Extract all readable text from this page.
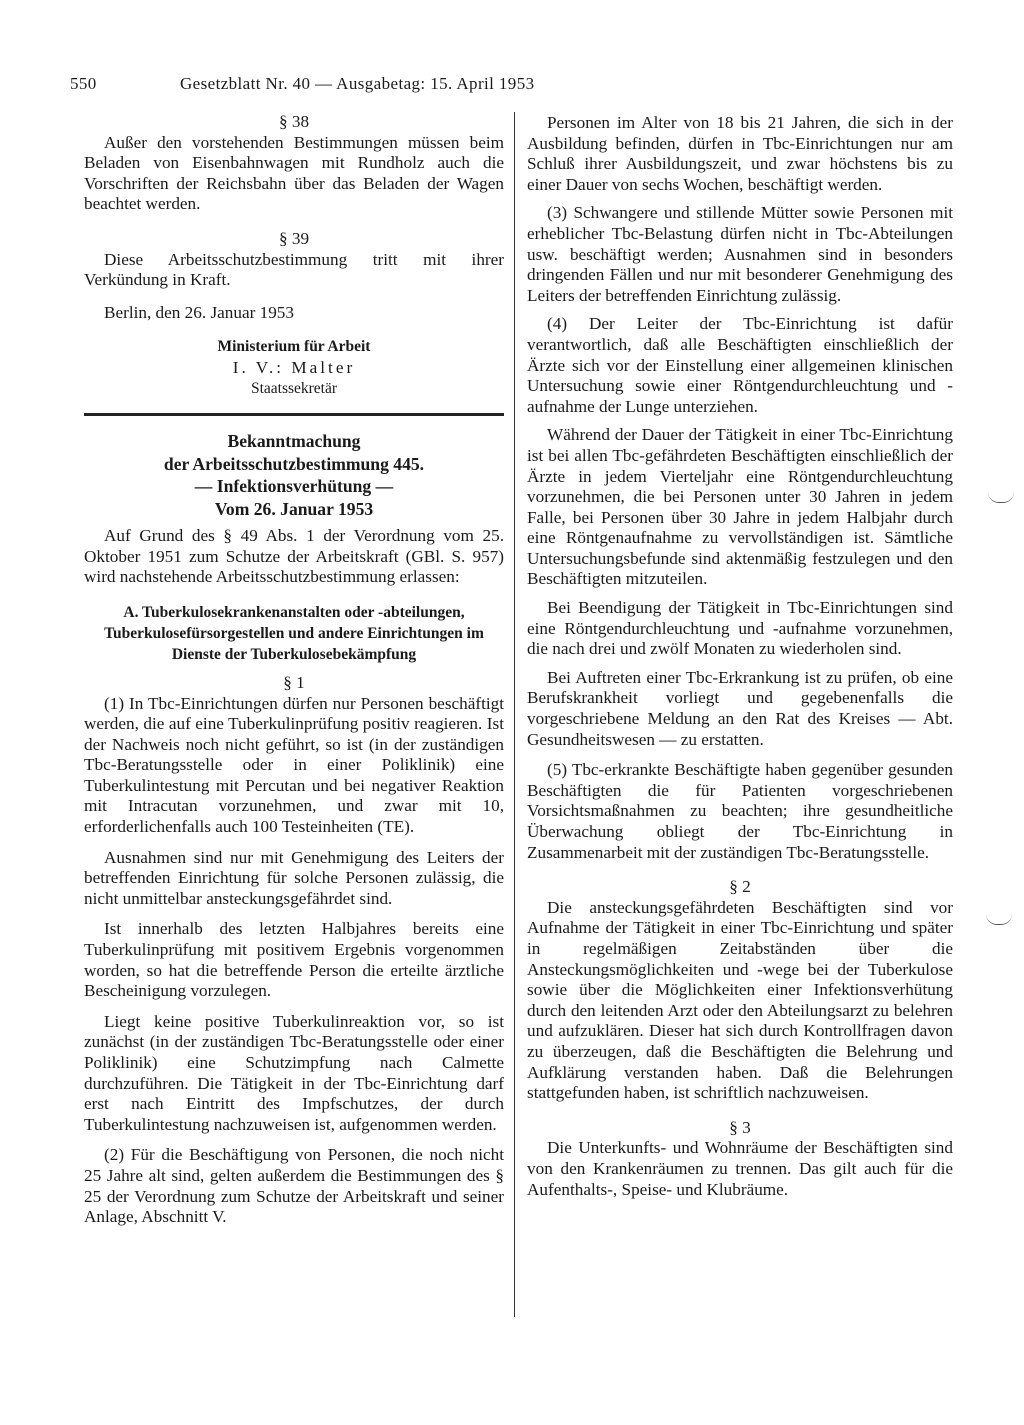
550	Gesetzblatt Nr. 40 — Ausgabetag: 15. April 1953

§ 38

Außer den vorstehenden Bestimmungen müssen beim Beladen von Eisenbahnwagen mit Rundholz auch die Vorschriften der Reichsbahn über das Beladen der Wagen beachtet werden.

§ 39

Diese Arbeitsschutzbestimmung tritt mit ihrer Verkündung in Kraft.

Berlin, den 26. Januar 1953

Ministerium für Arbeit

I. V.: Malter

Staatssekretär

Bekanntmachung

der Arbeitsschutzbestimmung 445.

— Infektionsverhütung —

Vom 26. Januar 1953

Auf Grund des § 49 Abs. 1 der Verordnung vom 25. Oktober 1951 zum Schutze der Arbeitskraft (GBl. S. 957) wird nachstehende Arbeitsschutzbestimmung erlassen:

A. Tuberkulosekrankenanstalten oder -abteilungen, Tuberkulosefürsorgestellen und andere Einrichtungen im Dienste der Tuberkulosebekämpfung

§ 1

(1) In Tbc-Einrichtungen dürfen nur Personen beschäftigt werden, die auf eine Tuberkulinprüfung positiv reagieren. Ist der Nachweis noch nicht geführt, so ist (in der zuständigen Tbc-Beratungsstelle oder in einer Poliklinik) eine Tuberkulintestung mit Percutan und bei negativer Reaktion mit Intracutan vorzunehmen, und zwar mit 10, erforderlichenfalls auch 100 Testeinheiten (TE).

Ausnahmen sind nur mit Genehmigung des Leiters der betreffenden Einrichtung für solche Personen zulässig, die nicht unmittelbar ansteckungsgefährdet sind.

Ist innerhalb des letzten Halbjahres bereits eine Tuberkulinprüfung mit positivem Ergebnis vorgenommen worden, so hat die betreffende Person die erteilte ärztliche Bescheinigung vorzulegen.

Liegt keine positive Tuberkulinreaktion vor, so ist zunächst (in der zuständigen Tbc-Beratungsstelle oder einer Poliklinik) eine Schutzimpfung nach Calmette durchzuführen. Die Tätigkeit in der Tbc-Einrichtung darf erst nach Eintritt des Impfschutzes, der durch Tuberkulintestung nachzuweisen ist, aufgenommen werden.

(2) Für die Beschäftigung von Personen, die noch nicht 25 Jahre alt sind, gelten außerdem die Bestimmungen des § 25 der Verordnung zum Schutze der Arbeitskraft und seiner Anlage, Abschnitt V.

Personen im Alter von 18 bis 21 Jahren, die sich in der Ausbildung befinden, dürfen in Tbc-Einrichtungen nur am Schluß ihrer Ausbildungszeit, und zwar höchstens bis zu einer Dauer von sechs Wochen, beschäftigt werden.

(3) Schwangere und stillende Mütter sowie Personen mit erheblicher Tbc-Belastung dürfen nicht in Tbc-Abteilungen usw. beschäftigt werden; Ausnahmen sind in besonders dringenden Fällen und nur mit besonderer Genehmigung des Leiters der betreffenden Einrichtung zulässig.

(4) Der Leiter der Tbc-Einrichtung ist dafür verantwortlich, daß alle Beschäftigten einschließlich der Ärzte sich vor der Einstellung einer allgemeinen klinischen Untersuchung sowie einer Röntgendurchleuchtung und -aufnahme der Lunge unterziehen.

Während der Dauer der Tätigkeit in einer Tbc-Einrichtung ist bei allen Tbc-gefährdeten Beschäftigten einschließlich der Ärzte in jedem Vierteljahr eine Röntgendurchleuchtung vorzunehmen, die bei Personen unter 30 Jahren in jedem Falle, bei Personen über 30 Jahre in jedem Halbjahr durch eine Röntgenaufnahme zu vervollständigen ist. Sämtliche Untersuchungsbefunde sind aktenmäßig festzulegen und den Beschäftigten mitzuteilen.

Bei Beendigung der Tätigkeit in Tbc-Einrichtungen sind eine Röntgendurchleuchtung und -aufnahme vorzunehmen, die nach drei und zwölf Monaten zu wiederholen sind.

Bei Auftreten einer Tbc-Erkrankung ist zu prüfen, ob eine Berufskrankheit vorliegt und gegebenenfalls die vorgeschriebene Meldung an den Rat des Kreises — Abt. Gesundheitswesen — zu erstatten.

(5) Tbc-erkrankte Beschäftigte haben gegenüber gesunden Beschäftigten die für Patienten vorgeschriebenen Vorsichtsmaßnahmen zu beachten; ihre gesundheitliche Überwachung obliegt der Tbc-Einrichtung in Zusammenarbeit mit der zuständigen Tbc-Beratungsstelle.

§ 2

Die ansteckungsgefährdeten Beschäftigten sind vor Aufnahme der Tätigkeit in einer Tbc-Einrichtung und später in regelmäßigen Zeitabständen über die Ansteckungsmöglichkeiten und -wege bei der Tuberkulose sowie über die Möglichkeiten einer Infektionsverhütung durch den leitenden Arzt oder den Abteilungsarzt zu belehren und aufzuklären. Dieser hat sich durch Kontrollfragen davon zu überzeugen, daß die Beschäftigten die Belehrung und Aufklärung verstanden haben. Daß die Belehrungen stattgefunden haben, ist schriftlich nachzuweisen.

§ 3

Die Unterkunfts- und Wohnräume der Beschäftigten sind von den Krankenräumen zu trennen. Das gilt auch für die Aufenthalts-, Speise- und Klubräume.
